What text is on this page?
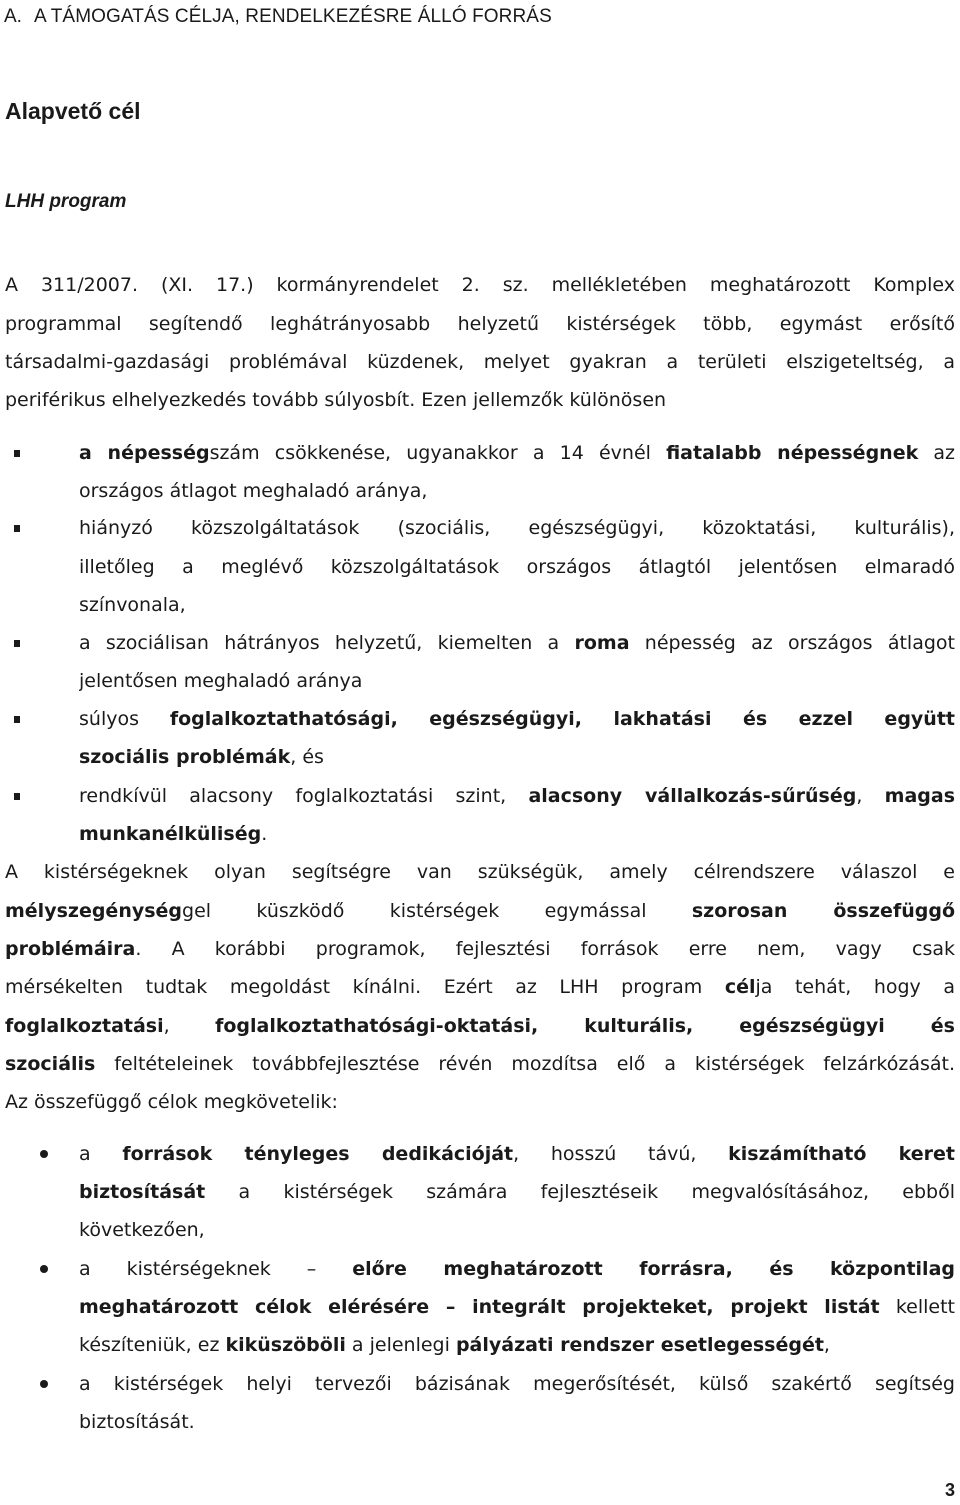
A. A TÁMOGATÁS CÉLJA, RENDELKEZÉSRE ÁLLÓ FORRÁS
Alapvető cél
LHH program
A 311/2007. (XI. 17.) kormányrendelet 2. sz. mellékletében meghatározott Komplex
programmal segítendő leghátrányosabb helyzetű kistérségek több, egymást erősítő
társadalmi-gazdasági problémával küzdenek, melyet gyakran a területi elszigeteltség, a
periférikus elhelyezkedés tovább súlyosbít. Ezen jellemzők különösen
a népességszám csökkenése, ugyanakkor a 14 évnél fiatalabb népességnek az
országos átlagot meghaladó aránya,
hiányzó közszolgáltatások (szociális, egészségügyi, közoktatási, kulturális),
illetőleg a meglévő közszolgáltatások országos átlagtól jelentősen elmaradó
színvonala,
a szociálisan hátrányos helyzetű, kiemelten a roma népesség az országos átlagot
jelentősen meghaladó aránya
súlyos foglalkoztathatósági, egészségügyi, lakhatási és ezzel együtt
szociális problémák, és
rendkívül alacsony foglalkoztatási szint, alacsony vállalkozás-sűrűség, magas
munkanélküliség.
A kistérségeknek olyan segítségre van szükségük, amely célrendszere válaszol e
mélyszegénységgel küszködő kistérségek egymással szorosan összefüggő
problémáira. A korábbi programok, fejlesztési források erre nem, vagy csak
mérsékelten tudtak megoldást kínálni. Ezért az LHH program célja tehát, hogy a
foglalkoztatási, foglalkoztathatósági-oktatási, kulturális, egészségügyi és
szociális feltételeinek továbbfejlesztése révén mozdítsa elő a kistérségek felzárkózását.
Az összefüggő célok megkövetelik:
a források tényleges dedikációját, hosszú távú, kiszámítható keret
biztosítását a kistérségek számára fejlesztéseik megvalósításához, ebből
következően,
a kistérségeknek – előre meghatározott forrásra, és központilag
meghatározott célok elérésére – integrált projekteket, projekt listát kellett
készíteniük, ez kiküszöböli a jelenlegi pályázati rendszer esetlegességét,
a kistérségek helyi tervezői bázisának megerősítését, külső szakértő segítség
biztosítását.
3
